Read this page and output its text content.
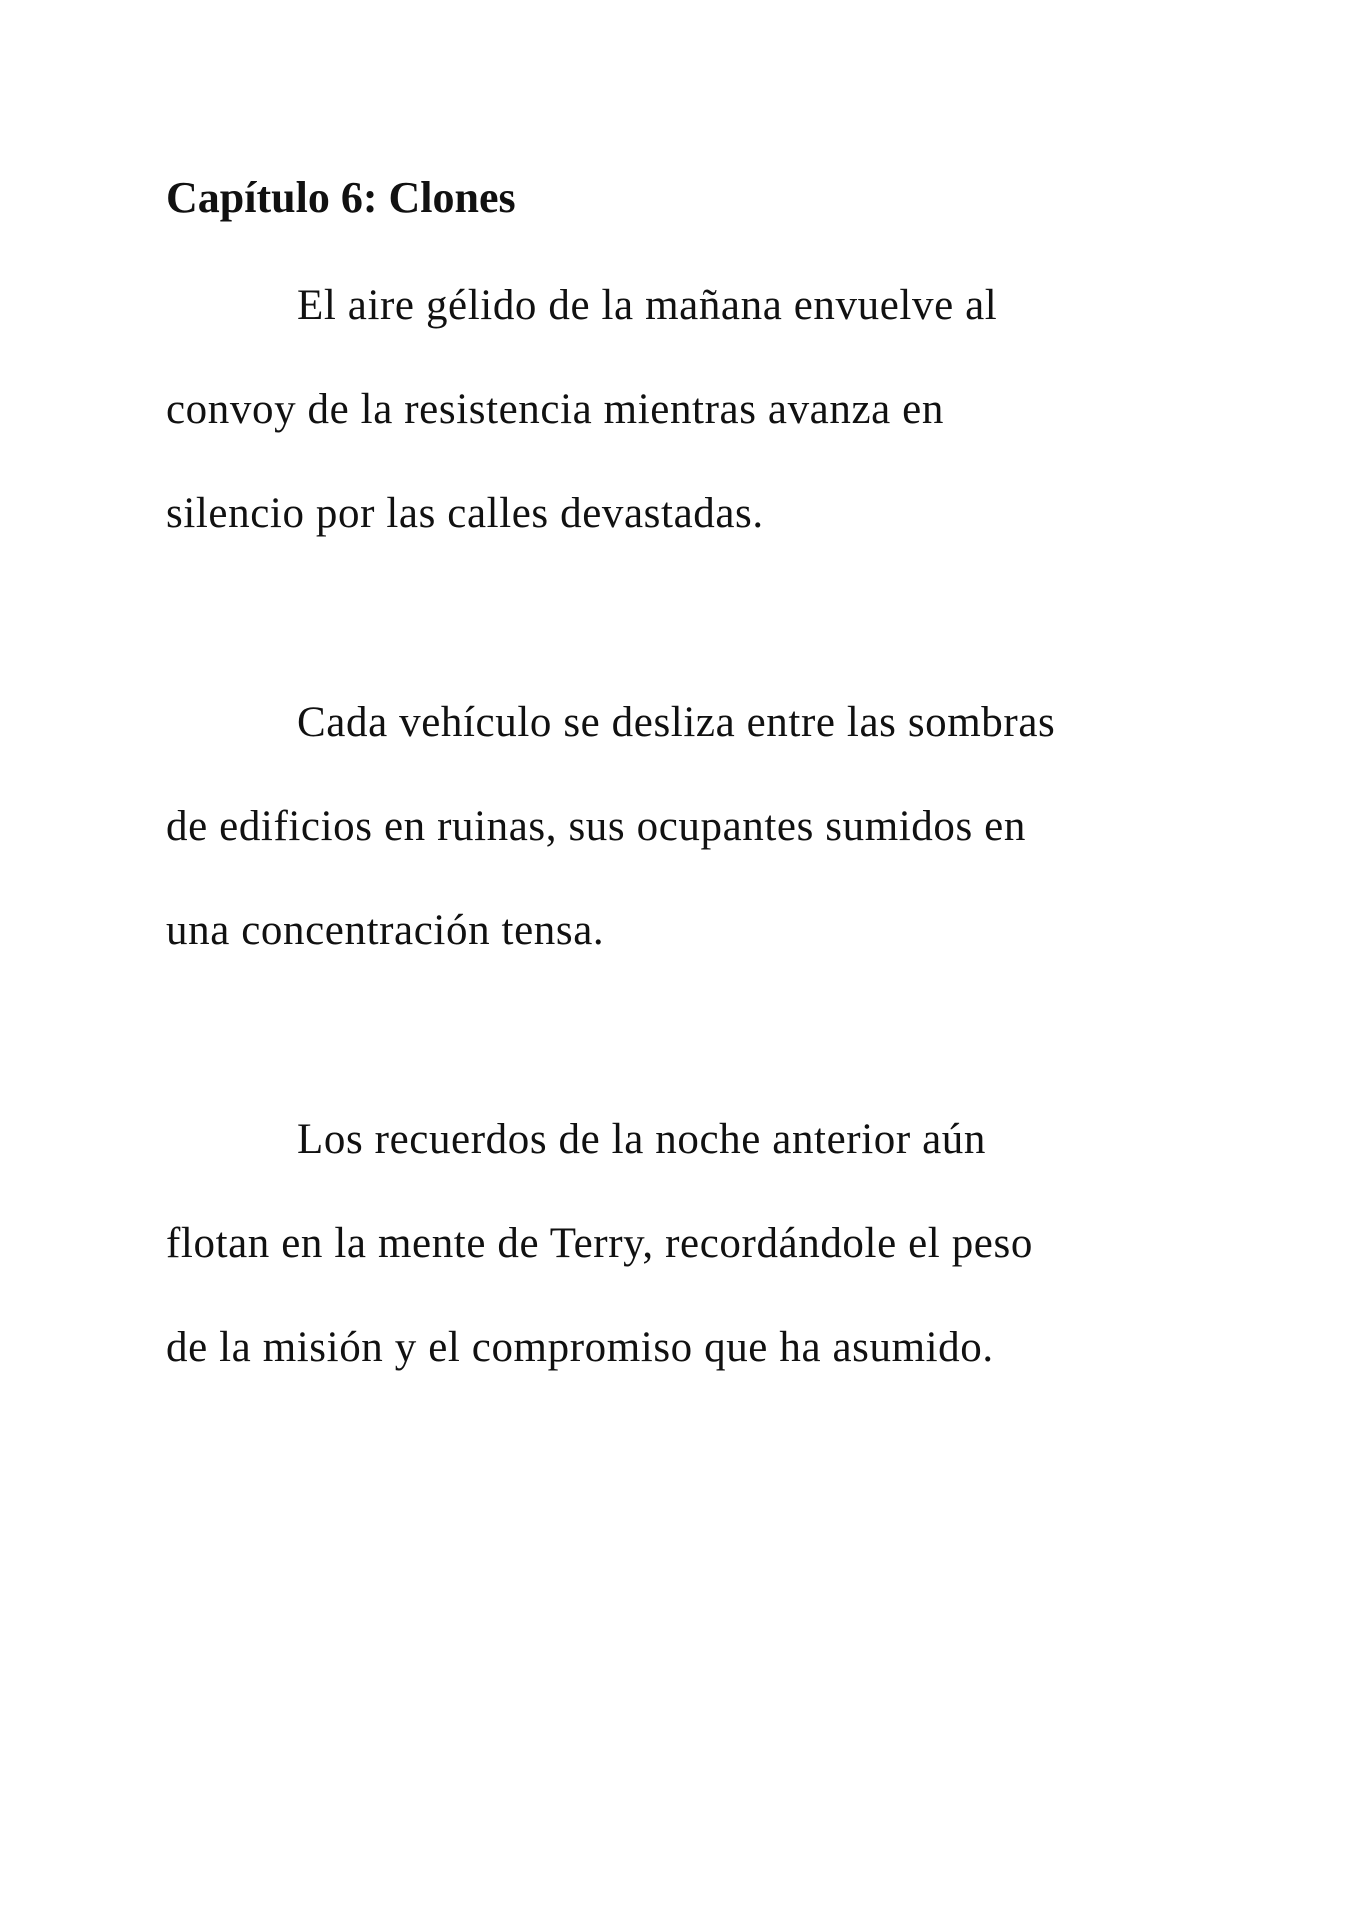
Capítulo 6: Clones

El aire gélido de la mañana envuelve al

convoy de la resistencia mientras avanza en

silencio por las calles devastadas.

Cada vehículo se desliza entre las sombras

de edificios en ruinas, sus ocupantes sumidos en

una concentración tensa.

Los recuerdos de la noche anterior aún

flotan en la mente de Terry, recordándole el peso

de la misión y el compromiso que ha asumido.
